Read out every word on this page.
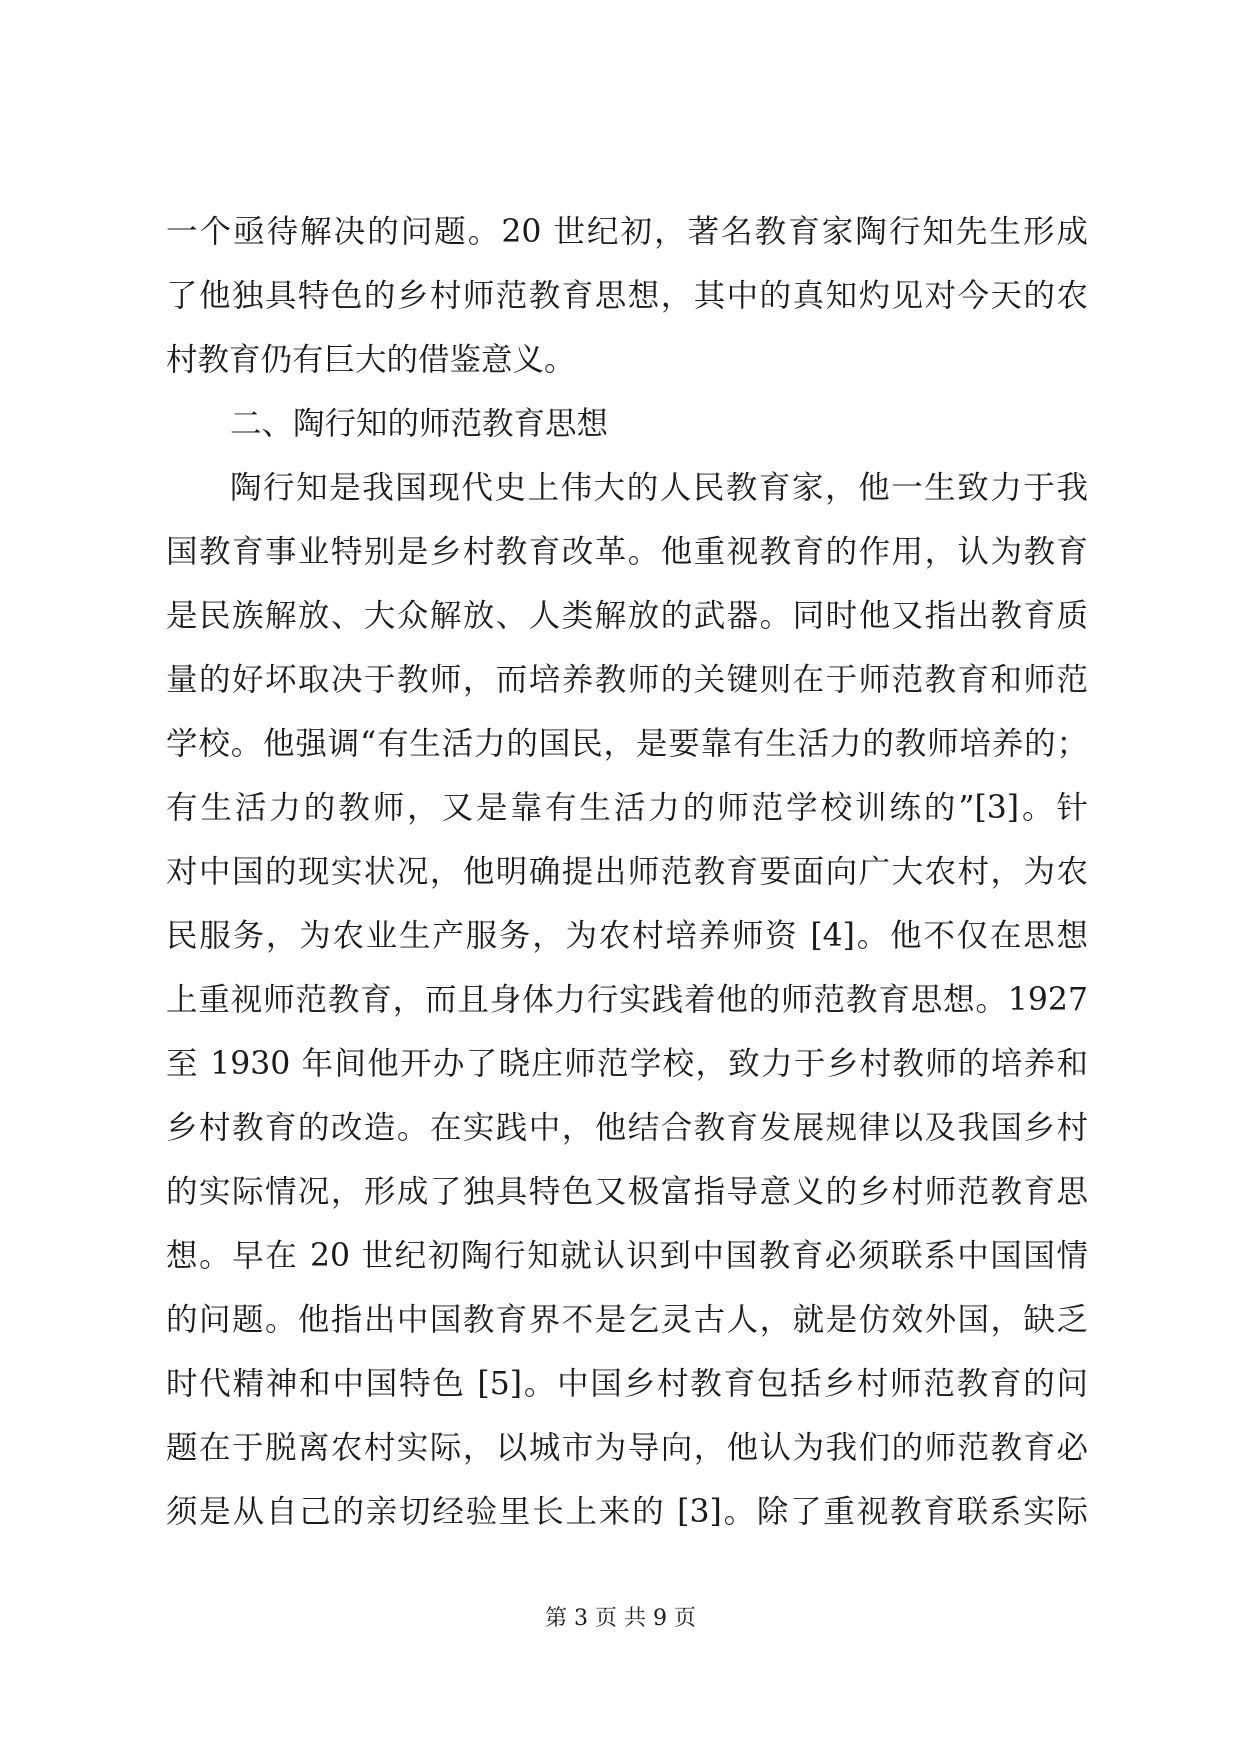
一个亟待解决的问题。20 世纪初，著名教育家陶行知先生形成
了他独具特色的乡村师范教育思想，其中的真知灼见对今天的农
村教育仍有巨大的借鉴意义。
二、陶行知的师范教育思想
陶行知是我国现代史上伟大的人民教育家，他一生致力于我
国教育事业特别是乡村教育改革。他重视教育的作用，认为教育
是民族解放、大众解放、人类解放的武器。同时他又指出教育质
量的好坏取决于教师，而培养教师的关键则在于师范教育和师范
学校。他强调“有生活力的国民，是要靠有生活力的教师培养的；
有生活力的教师，又是靠有生活力的师范学校训练的”[3]。针
对中国的现实状况，他明确提出师范教育要面向广大农村，为农
民服务，为农业生产服务，为农村培养师资 [4]。他不仅在思想
上重视师范教育，而且身体力行实践着他的师范教育思想。1927
至 1930 年间他开办了晓庄师范学校，致力于乡村教师的培养和
乡村教育的改造。在实践中，他结合教育发展规律以及我国乡村
的实际情况，形成了独具特色又极富指导意义的乡村师范教育思
想。早在 20 世纪初陶行知就认识到中国教育必须联系中国国情
的问题。他指出中国教育界不是乞灵古人，就是仿效外国，缺乏
时代精神和中国特色 [5]。中国乡村教育包括乡村师范教育的问
题在于脱离农村实际，以城市为导向，他认为我们的师范教育必
须是从自己的亲切经验里长上来的 [3]。除了重视教育联系实际
第 3 页 共 9 页
